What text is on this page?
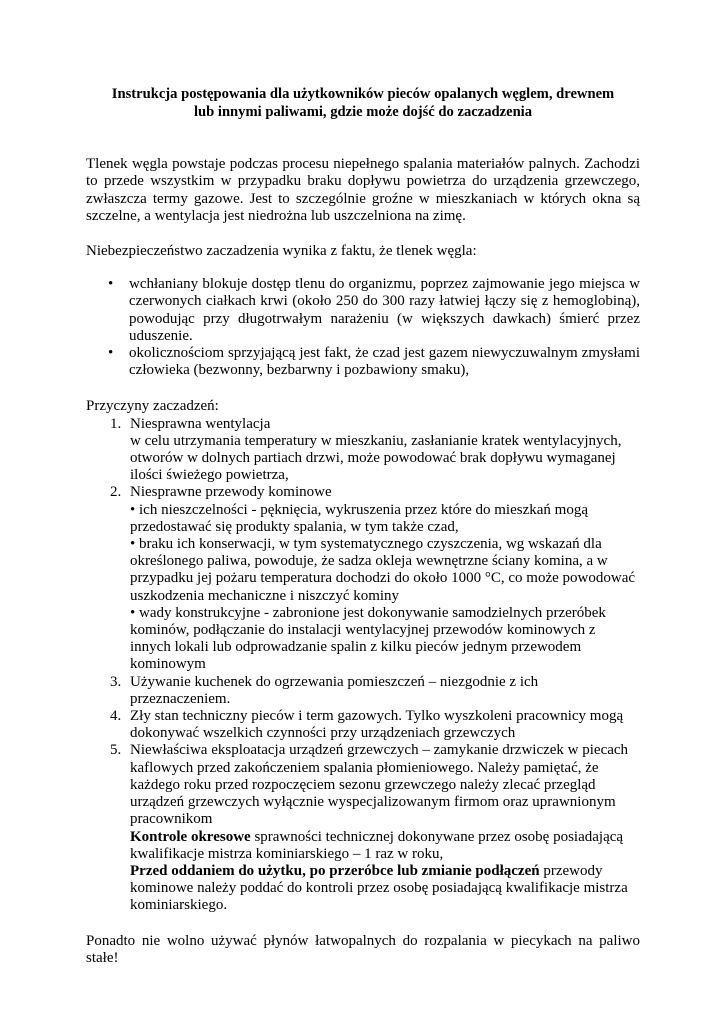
Instrukcja postępowania dla użytkowników pieców opalanych węglem, drewnem
lub innymi paliwami, gdzie może dojść do zaczadzenia

Tlenek węgla powstaje podczas procesu niepełnego spalania materiałów palnych. Zachodzi to przede wszystkim w przypadku braku dopływu powietrza do urządzenia grzewczego, zwłaszcza termy gazowe. Jest to szczególnie groźne w mieszkaniach w których okna są szczelne, a wentylacja jest niedrożna lub uszczelniona na zimę.

Niebezpieczeństwo zaczadzenia wynika z faktu, że tlenek węgla:

• wchłaniany blokuje dostęp tlenu do organizmu, poprzez zajmowanie jego miejsca w czerwonych ciałkach krwi (około 250 do 300 razy łatwiej łączy się z hemoglobiną), powodując przy długotrwałym narażeniu (w większych dawkach) śmierć przez uduszenie.
• okolicznościom sprzyjającą jest fakt, że czad jest gazem niewyczuwalnym zmysłami człowieka (bezwonny, bezbarwny i pozbawiony smaku),

Przyczyny zaczadzeń:

1. Niesprawna wentylacja
w celu utrzymania temperatury w mieszkaniu, zasłanianie kratek wentylacyjnych, otworów w dolnych partiach drzwi, może powodować brak dopływu wymaganej ilości świeżego powietrza,
2. Niesprawne przewody kominowe
• ich nieszczelności - pęknięcia, wykruszenia przez które do mieszkań mogą przedostawać się produkty spalania, w tym także czad,
• braku ich konserwacji, w tym systematycznego czyszczenia, wg wskazań dla określonego paliwa, powoduje, że sadza okleja wewnętrzne ściany komina, a w przypadku jej pożaru temperatura dochodzi do około 1000 °C, co może powodować uszkodzenia mechaniczne i niszczyć kominy
• wady konstrukcyjne - zabronione jest dokonywanie samodzielnych przeróbek kominów, podłączanie do instalacji wentylacyjnej przewodów kominowych z innych lokali lub odprowadzanie spalin z kilku pieców jednym przewodem kominowym
3. Używanie kuchenek do ogrzewania pomieszczeń – niezgodnie z ich przeznaczeniem.
4. Zły stan techniczny pieców i term gazowych. Tylko wyszkoleni pracownicy mogą dokonywać wszelkich czynności przy urządzeniach grzewczych
5. Niewłaściwa eksploatacja urządzeń grzewczych – zamykanie drzwiczek w piecach kaflowych przed zakończeniem spalania płomieniowego. Należy pamiętać, że każdego roku przed rozpoczęciem sezonu grzewczego należy zlecać przegląd urządzeń grzewczych wyłącznie wyspecjalizowanym firmom oraz uprawnionym pracownikom
Kontrole okresowe sprawności technicznej dokonywane przez osobę posiadającą kwalifikacje mistrza kominiarskiego – 1 raz w roku,
Przed oddaniem do użytku, po przeróbce lub zmianie podłączeń przewody kominowe należy poddać do kontroli przez osobę posiadającą kwalifikacje mistrza kominiarskiego.

Ponadto nie wolno używać płynów łatwopalnych do rozpalania w piecykach na paliwo stałe!
